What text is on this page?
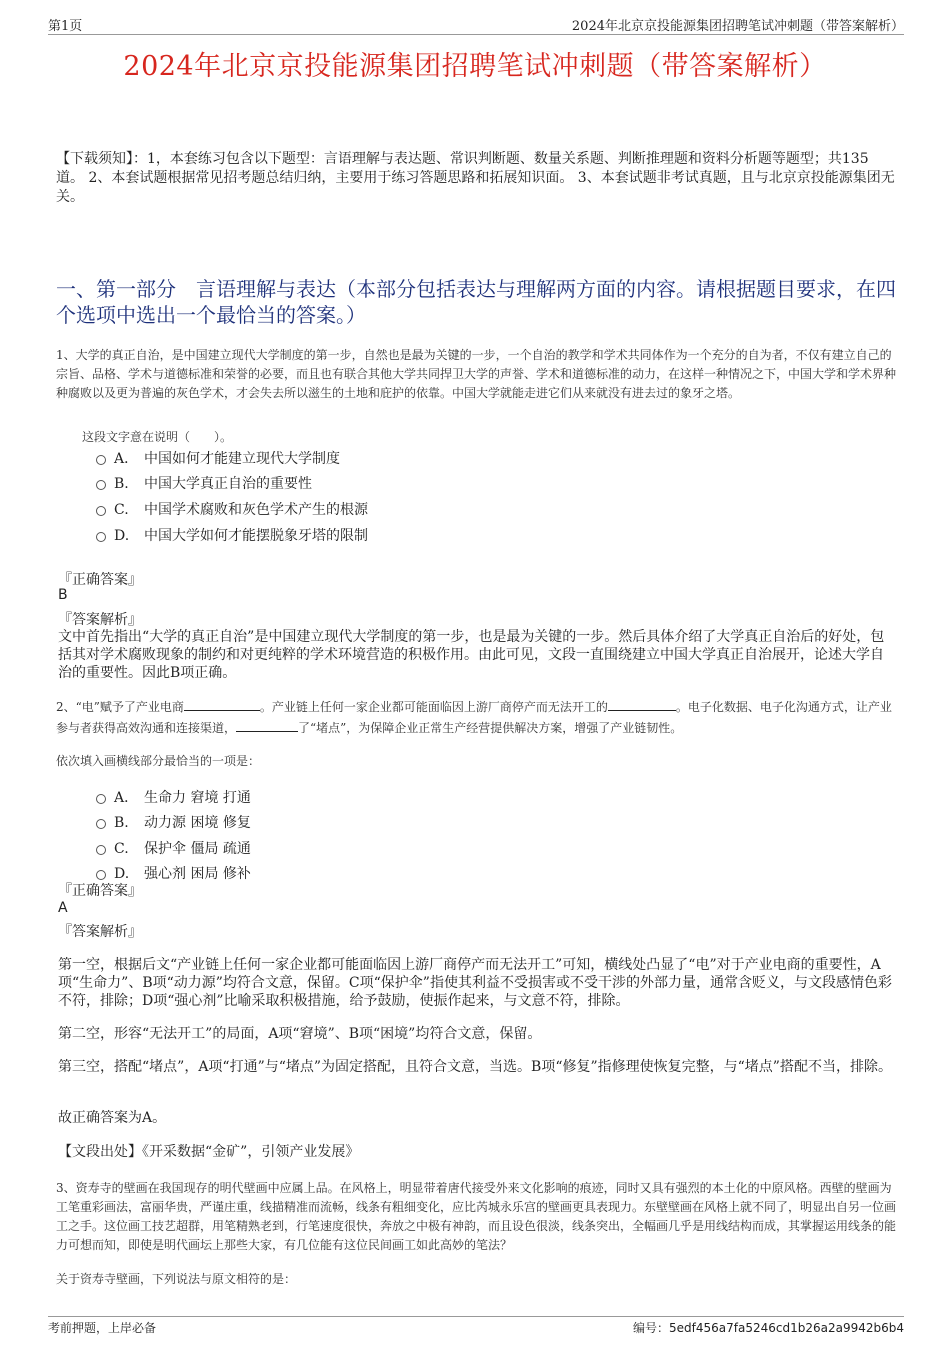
第1页	2024年北京京投能源集团招聘笔试冲刺题（带答案解析）
2024年北京京投能源集团招聘笔试冲刺题（带答案解析）
【下载须知】：1，本套练习包含以下题型：言语理解与表达题、常识判断题、数量关系题、判断推理题和资料分析题等题型；共135道。 2、本套试题根据常见招考题总结归纳，主要用于练习答题思路和拓展知识面。 3、本套试题非考试真题，且与北京京投能源集团无关。
一、第一部分　言语理解与表达（本部分包括表达与理解两方面的内容。请根据题目要求，在四个选项中选出一个最恰当的答案。）
1、大学的真正自治，是中国建立现代大学制度的第一步，自然也是最为关键的一步，一个自治的教学和学术共同体作为一个充分的自为者，不仅有建立自己的宗旨、品格、学术与道德标准和荣誉的必要，而且也有联合其他大学共同捍卫大学的声誉、学术和道德标准的动力，在这样一种情况之下，中国大学和学术界种种腐败以及更为普遍的灰色学术，才会失去所以滋生的土地和庇护的依靠。中国大学就能走进它们从来就没有进去过的象牙之塔。
这段文字意在说明（　　）。
A． 中国如何才能建立现代大学制度
B. 中国大学真正自治的重要性
C. 中国学术腐败和灰色学术产生的根源
D. 中国大学如何才能摆脱象牙塔的限制
『正确答案』
B
『答案解析』
文中首先指出“大学的真正自治”是中国建立现代大学制度的第一步，也是最为关键的一步。然后具体介绍了大学真正自治后的好处，包括其对学术腐败现象的制约和对更纯粹的学术环境营造的积极作用。由此可见，文段一直围绕建立中国大学真正自治展开，论述大学自治的重要性。因此B项正确。
2、“电”赋予了产业电商	。产业链上任何一家企业都可能面临因上游厂商停产而无法开工的	。电子化数据、电子化沟通方式，让产业参与者获得高效沟通和连接渠道，	了“堵点”，为保障企业正常生产经营提供解决方案，增强了产业链韧性。
依次填入画横线部分最恰当的一项是：
A． 生命力 窘境 打通
B. 动力源 困境 修复
C. 保护伞 僵局 疏通
D. 强心剂 困局 修补
『正确答案』
A
『答案解析』
第一空，根据后文“产业链上任何一家企业都可能面临因上游厂商停产而无法开工”可知，横线处凸显了“电”对于产业电商的重要性，A项“生命力”、B项“动力源”均符合文意，保留。C项“保护伞”指使其利益不受损害或不受干涉的外部力量，通常含贬义，与文段感情色彩不符，排除；D项“强心剂”比喻采取积极措施，给予鼓励，使振作起来，与文意不符，排除。
第二空，形容“无法开工”的局面，A项“窘境”、B项“困境”均符合文意，保留。
第三空，搭配“堵点”，A项“打通”与“堵点”为固定搭配，且符合文意，当选。B项“修复”指修理使恢复完整，与“堵点”搭配不当，排除。
故正确答案为A。
【文段出处】《开采数据“金矿”，引领产业发展》
3、资寿寺的壁画在我国现存的明代壁画中应属上品。在风格上，明显带着唐代接受外来文化影响的痕迹，同时又具有强烈的本土化的中原风格。西壁的壁画为工笔重彩画法，富丽华贵，严谨庄重，线描精准而流畅，线条有粗细变化，应比芮城永乐宫的壁画更具表现力。东壁壁画在风格上就不同了，明显出自另一位画工之手。这位画工技艺超群，用笔精熟老到，行笔速度很快，奔放之中极有神韵，而且设色很淡，线条突出，全幅画几乎是用线结构而成，其掌握运用线条的能力可想而知，即使是明代画坛上那些大家，有几位能有这位民间画工如此高妙的笔法？
关于资寿寺壁画，下列说法与原文相符的是：
考前押题，上岸必备	编号：5edf456a7fa5246cd1b26a2a9942b6b4
